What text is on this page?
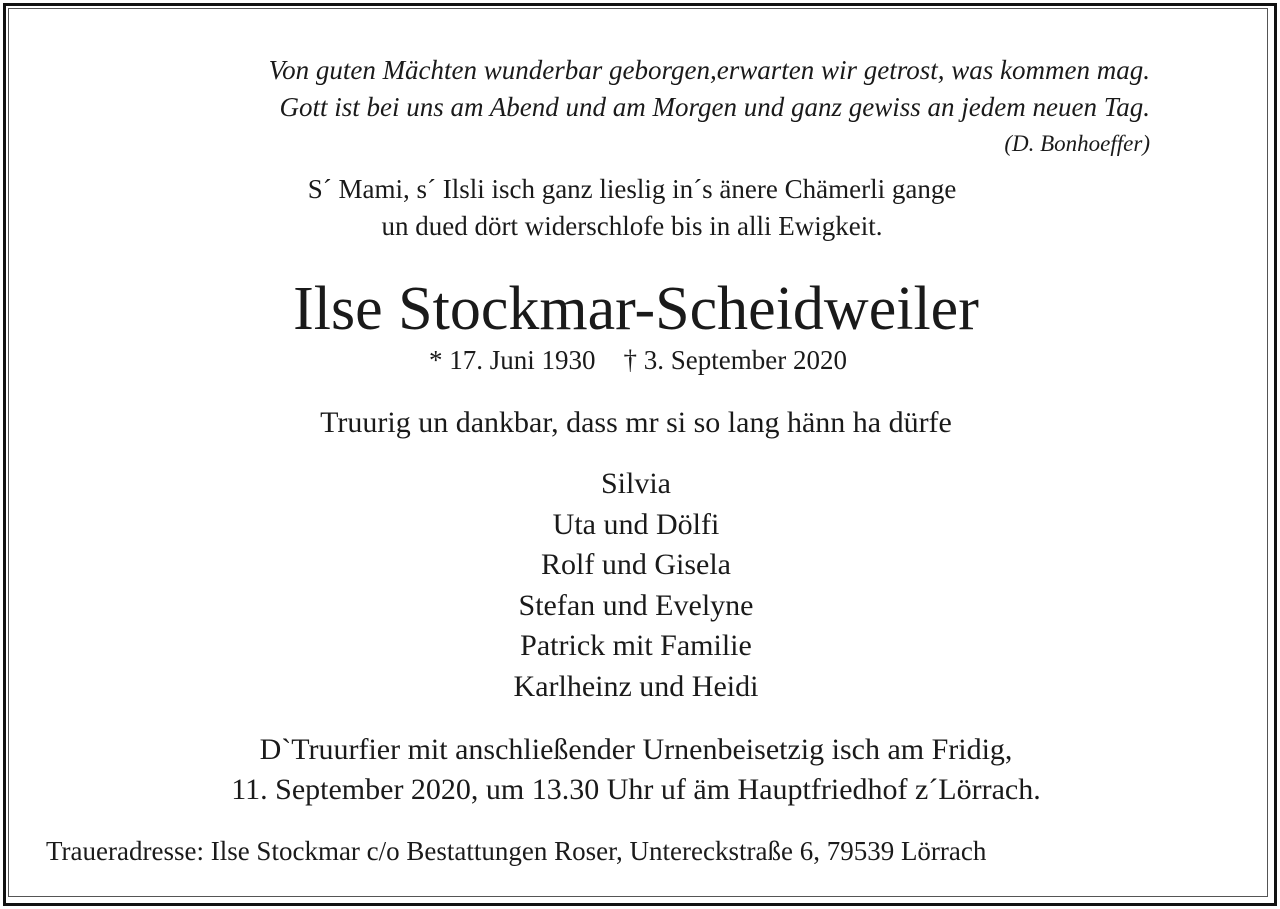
Von guten Mächten wunderbar geborgen,erwarten wir getrost, was kommen mag.
Gott ist bei uns am Abend und am Morgen und ganz gewiss an jedem neuen Tag.
(D. Bonhoeffer)
S´ Mami, s´ Ilsli isch ganz lieslig in´s änere Chämerli gange
un dued dört widerschlofe bis in alli Ewigkeit.
Ilse Stockmar-Scheidweiler
* 17. Juni 1930 † 3. September 2020
Truurig un dankbar, dass mr si so lang hänn ha dürfe
Silvia
Uta und Dölfi
Rolf und Gisela
Stefan und Evelyne
Patrick mit Familie
Karlheinz und Heidi
D`Truurfier mit anschließender Urnenbeisetzig isch am Fridig,
11. September 2020, um 13.30 Uhr uf äm Hauptfriedhof z´Lörrach.
Traueradresse: Ilse Stockmar c/o Bestattungen Roser, Untereckstraße 6, 79539 Lörrach
